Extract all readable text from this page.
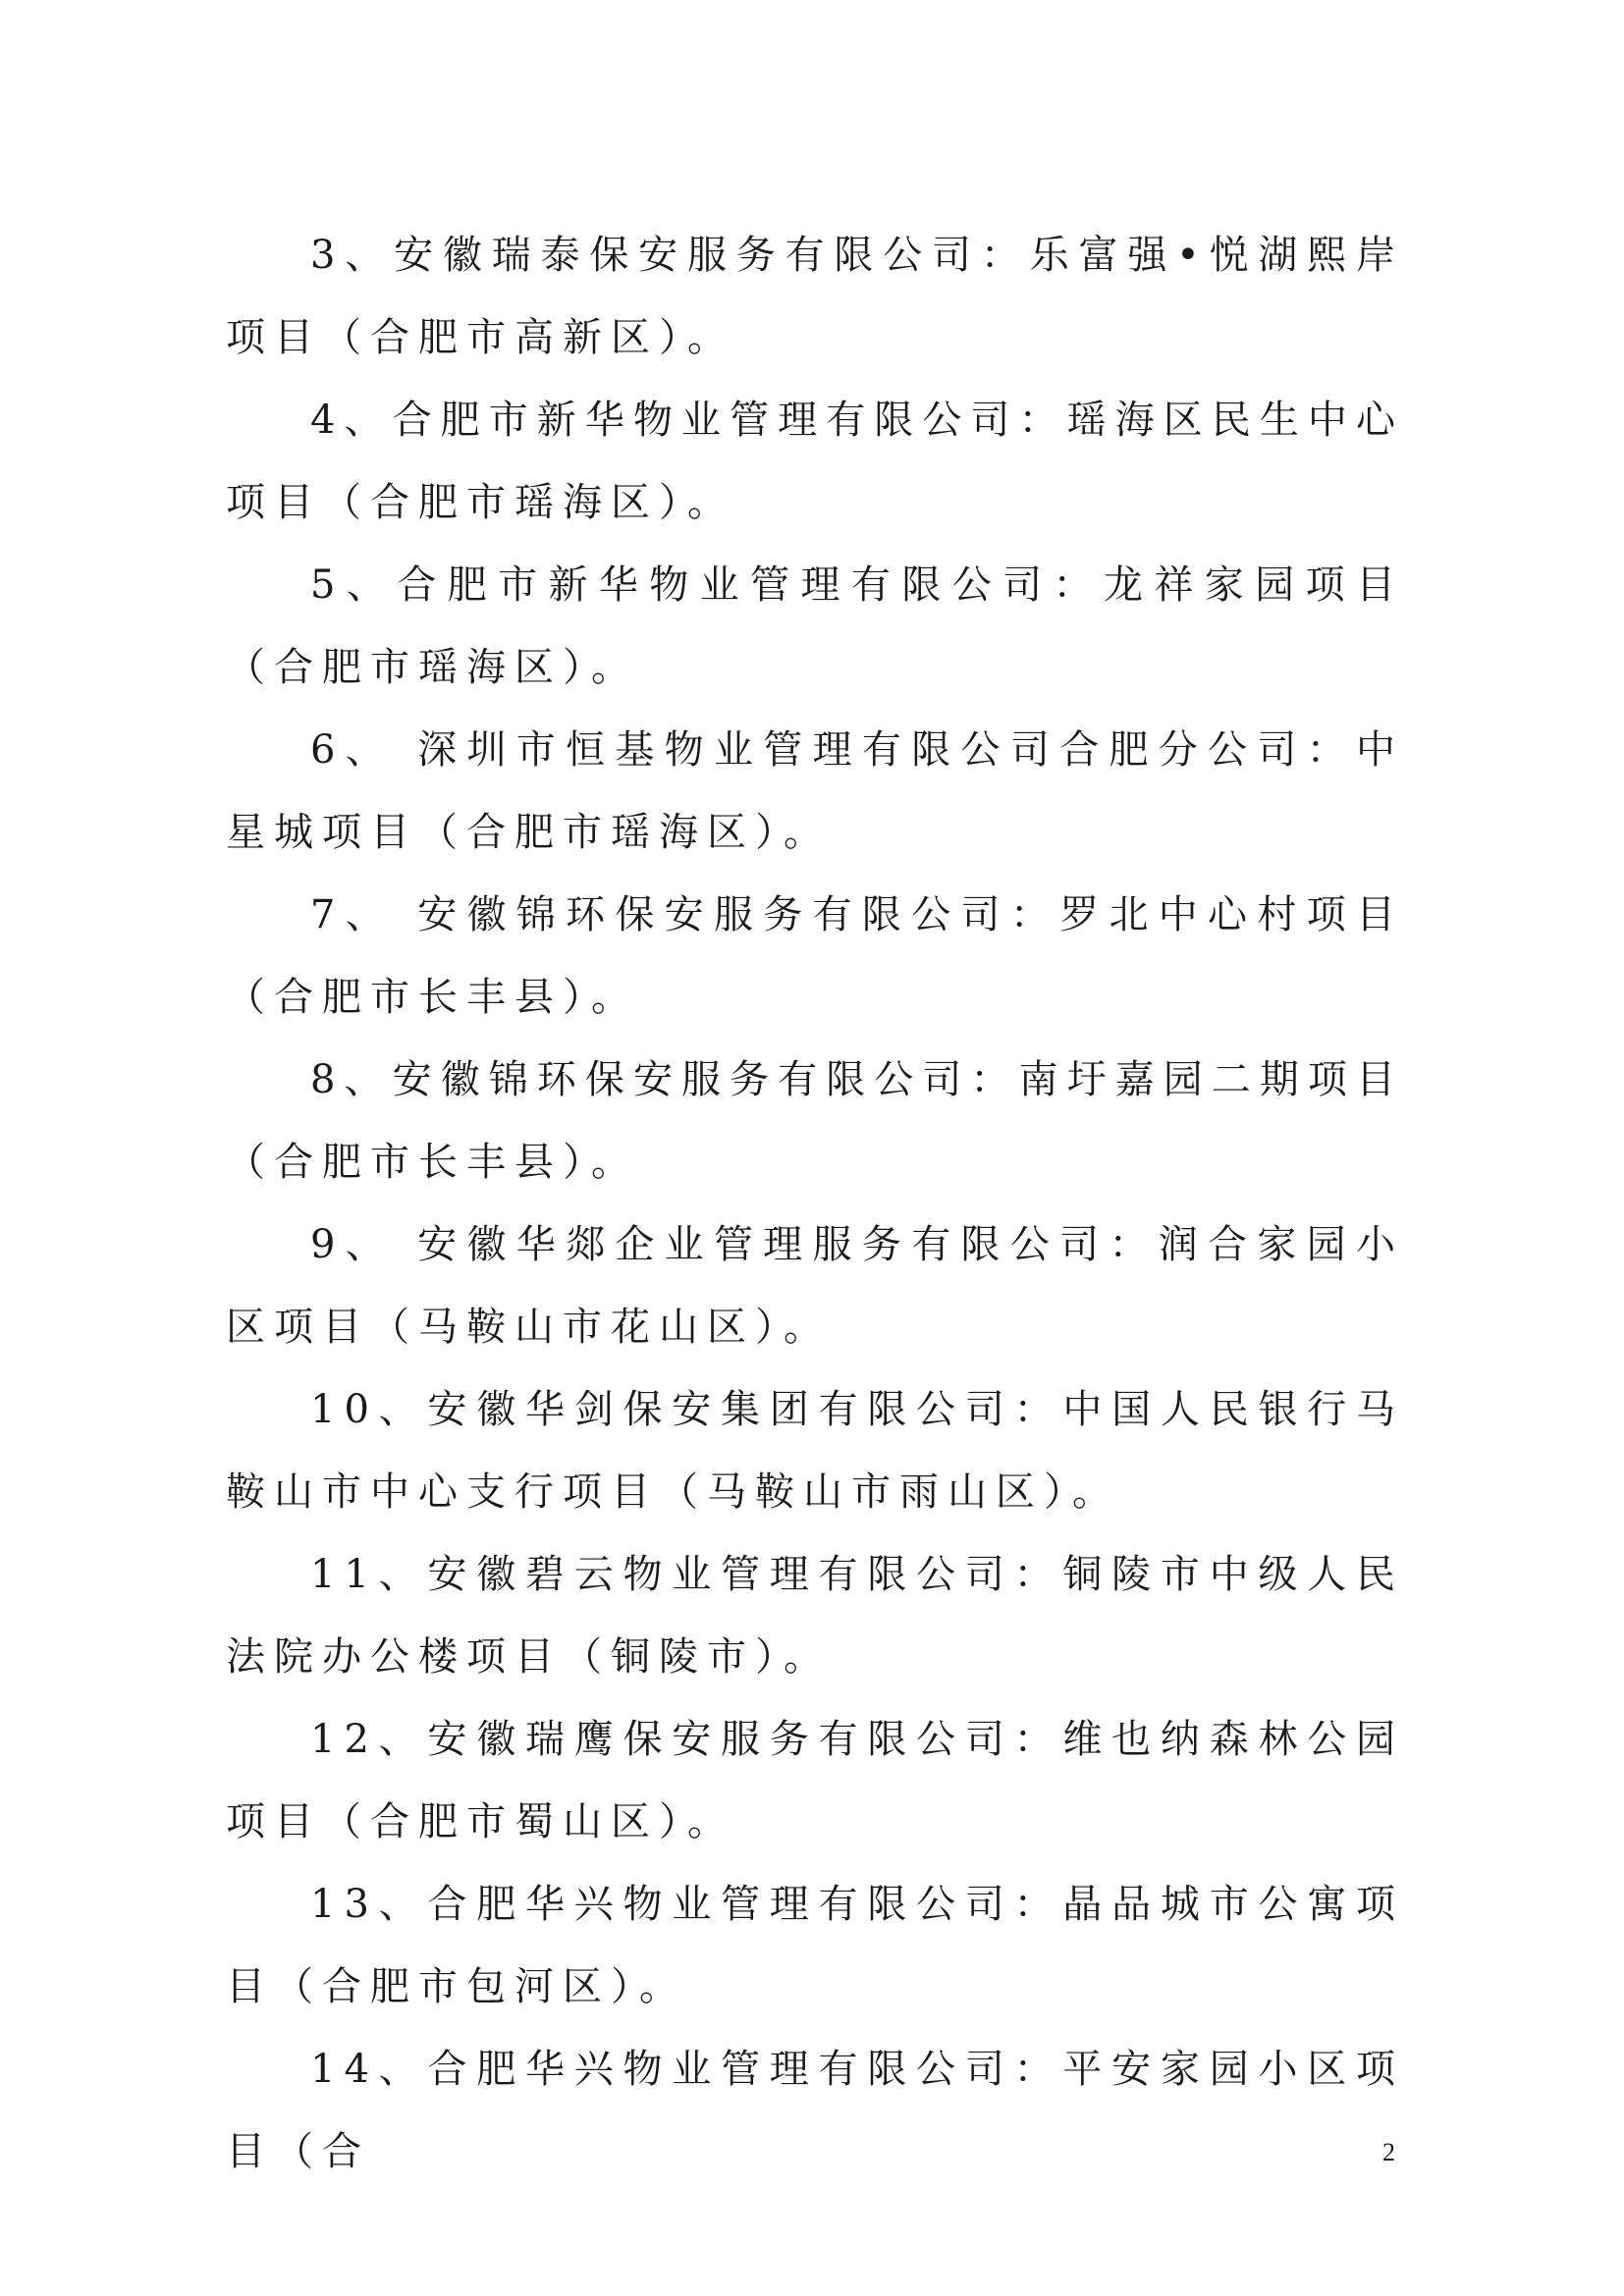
3、安徽瑞泰保安服务有限公司：乐富强•悦湖熙岸项目（合肥市高新区）。

4、合肥市新华物业管理有限公司：瑶海区民生中心项目（合肥市瑶海区）。

5、合肥市新华物业管理有限公司：龙祥家园项目（合肥市瑶海区）。

6、 深圳市恒基物业管理有限公司合肥分公司：中星城项目（合肥市瑶海区）。

7、 安徽锦环保安服务有限公司：罗北中心村项目（合肥市长丰县）。

8、安徽锦环保安服务有限公司：南圩嘉园二期项目（合肥市长丰县）。

9、 安徽华郯企业管理服务有限公司：润合家园小区项目（马鞍山市花山区）。

10、安徽华剑保安集团有限公司：中国人民银行马鞍山市中心支行项目（马鞍山市雨山区）。

11、安徽碧云物业管理有限公司：铜陵市中级人民法院办公楼项目（铜陵市）。

12、安徽瑞鹰保安服务有限公司：维也纳森林公园项目（合肥市蜀山区）。

13、合肥华兴物业管理有限公司：晶品城市公寓项目（合肥市包河区）。

14、合肥华兴物业管理有限公司：平安家园小区项目（合	2
